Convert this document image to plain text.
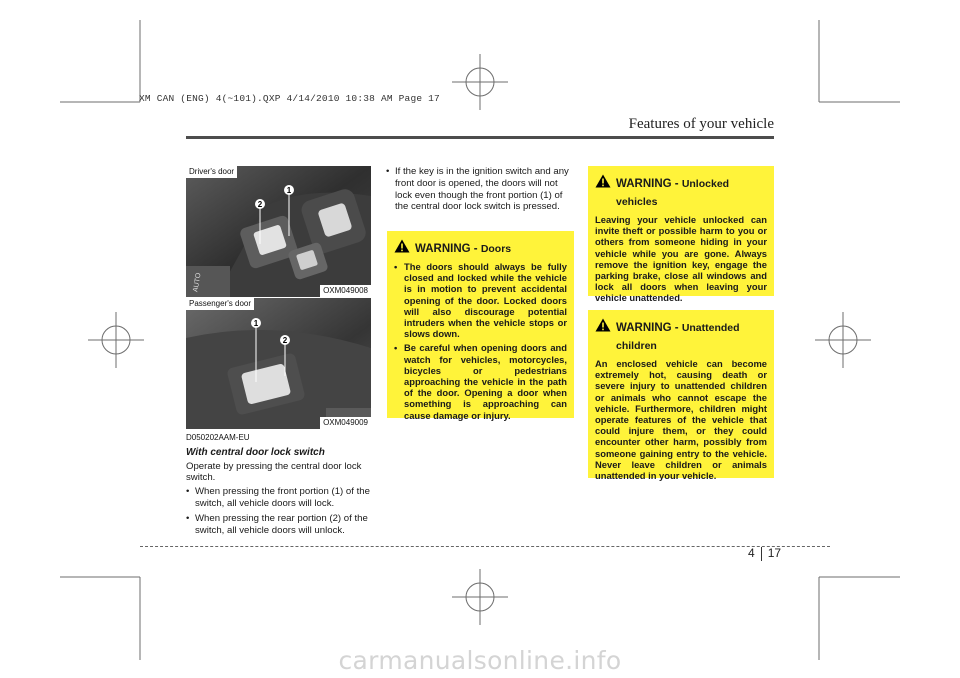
XM CAN (ENG) 4(~101).QXP 4/14/2010 10:38 AM Page 17
Features of your vehicle
2
1
AUTO
Driver's door
OXM049008
1
2
Passenger's door
OXM049009
D050202AAM-EU
With central door lock switch

Operate by pressing the central door lock switch.

• When pressing the front portion (1) of the switch, all vehicle doors will lock.
• When pressing the rear portion (2) of the switch, all vehicle doors will unlock.
• If the key is in the ignition switch and any front door is opened, the doors will not lock even though the front portion (1) of the central door lock switch is pressed.
WARNING - Doors
• The doors should always be fully closed and locked while the vehicle is in motion to prevent accidental opening of the door. Locked doors will also discourage potential intruders when the vehicle stops or slows down.
• Be careful when opening doors and watch for vehicles, motorcycles, bicycles or pedestrians approaching the vehicle in the path of the door. Opening a door when something is approaching can cause damage or injury.
WARNING - Unlocked vehicles
Leaving your vehicle unlocked can invite theft or possible harm to you or others from someone hiding in your vehicle while you are gone. Always remove the ignition key, engage the parking brake, close all windows and lock all doors when leaving your vehicle unattended.
WARNING - Unattended children
An enclosed vehicle can become extremely hot, causing death or severe injury to unattended children or animals who cannot escape the vehicle. Furthermore, children might operate features of the vehicle that could injure them, or they could encounter other harm, possibly from someone gaining entry to the vehicle. Never leave children or animals unattended in your vehicle.
4 17
carmanualsonline.info
